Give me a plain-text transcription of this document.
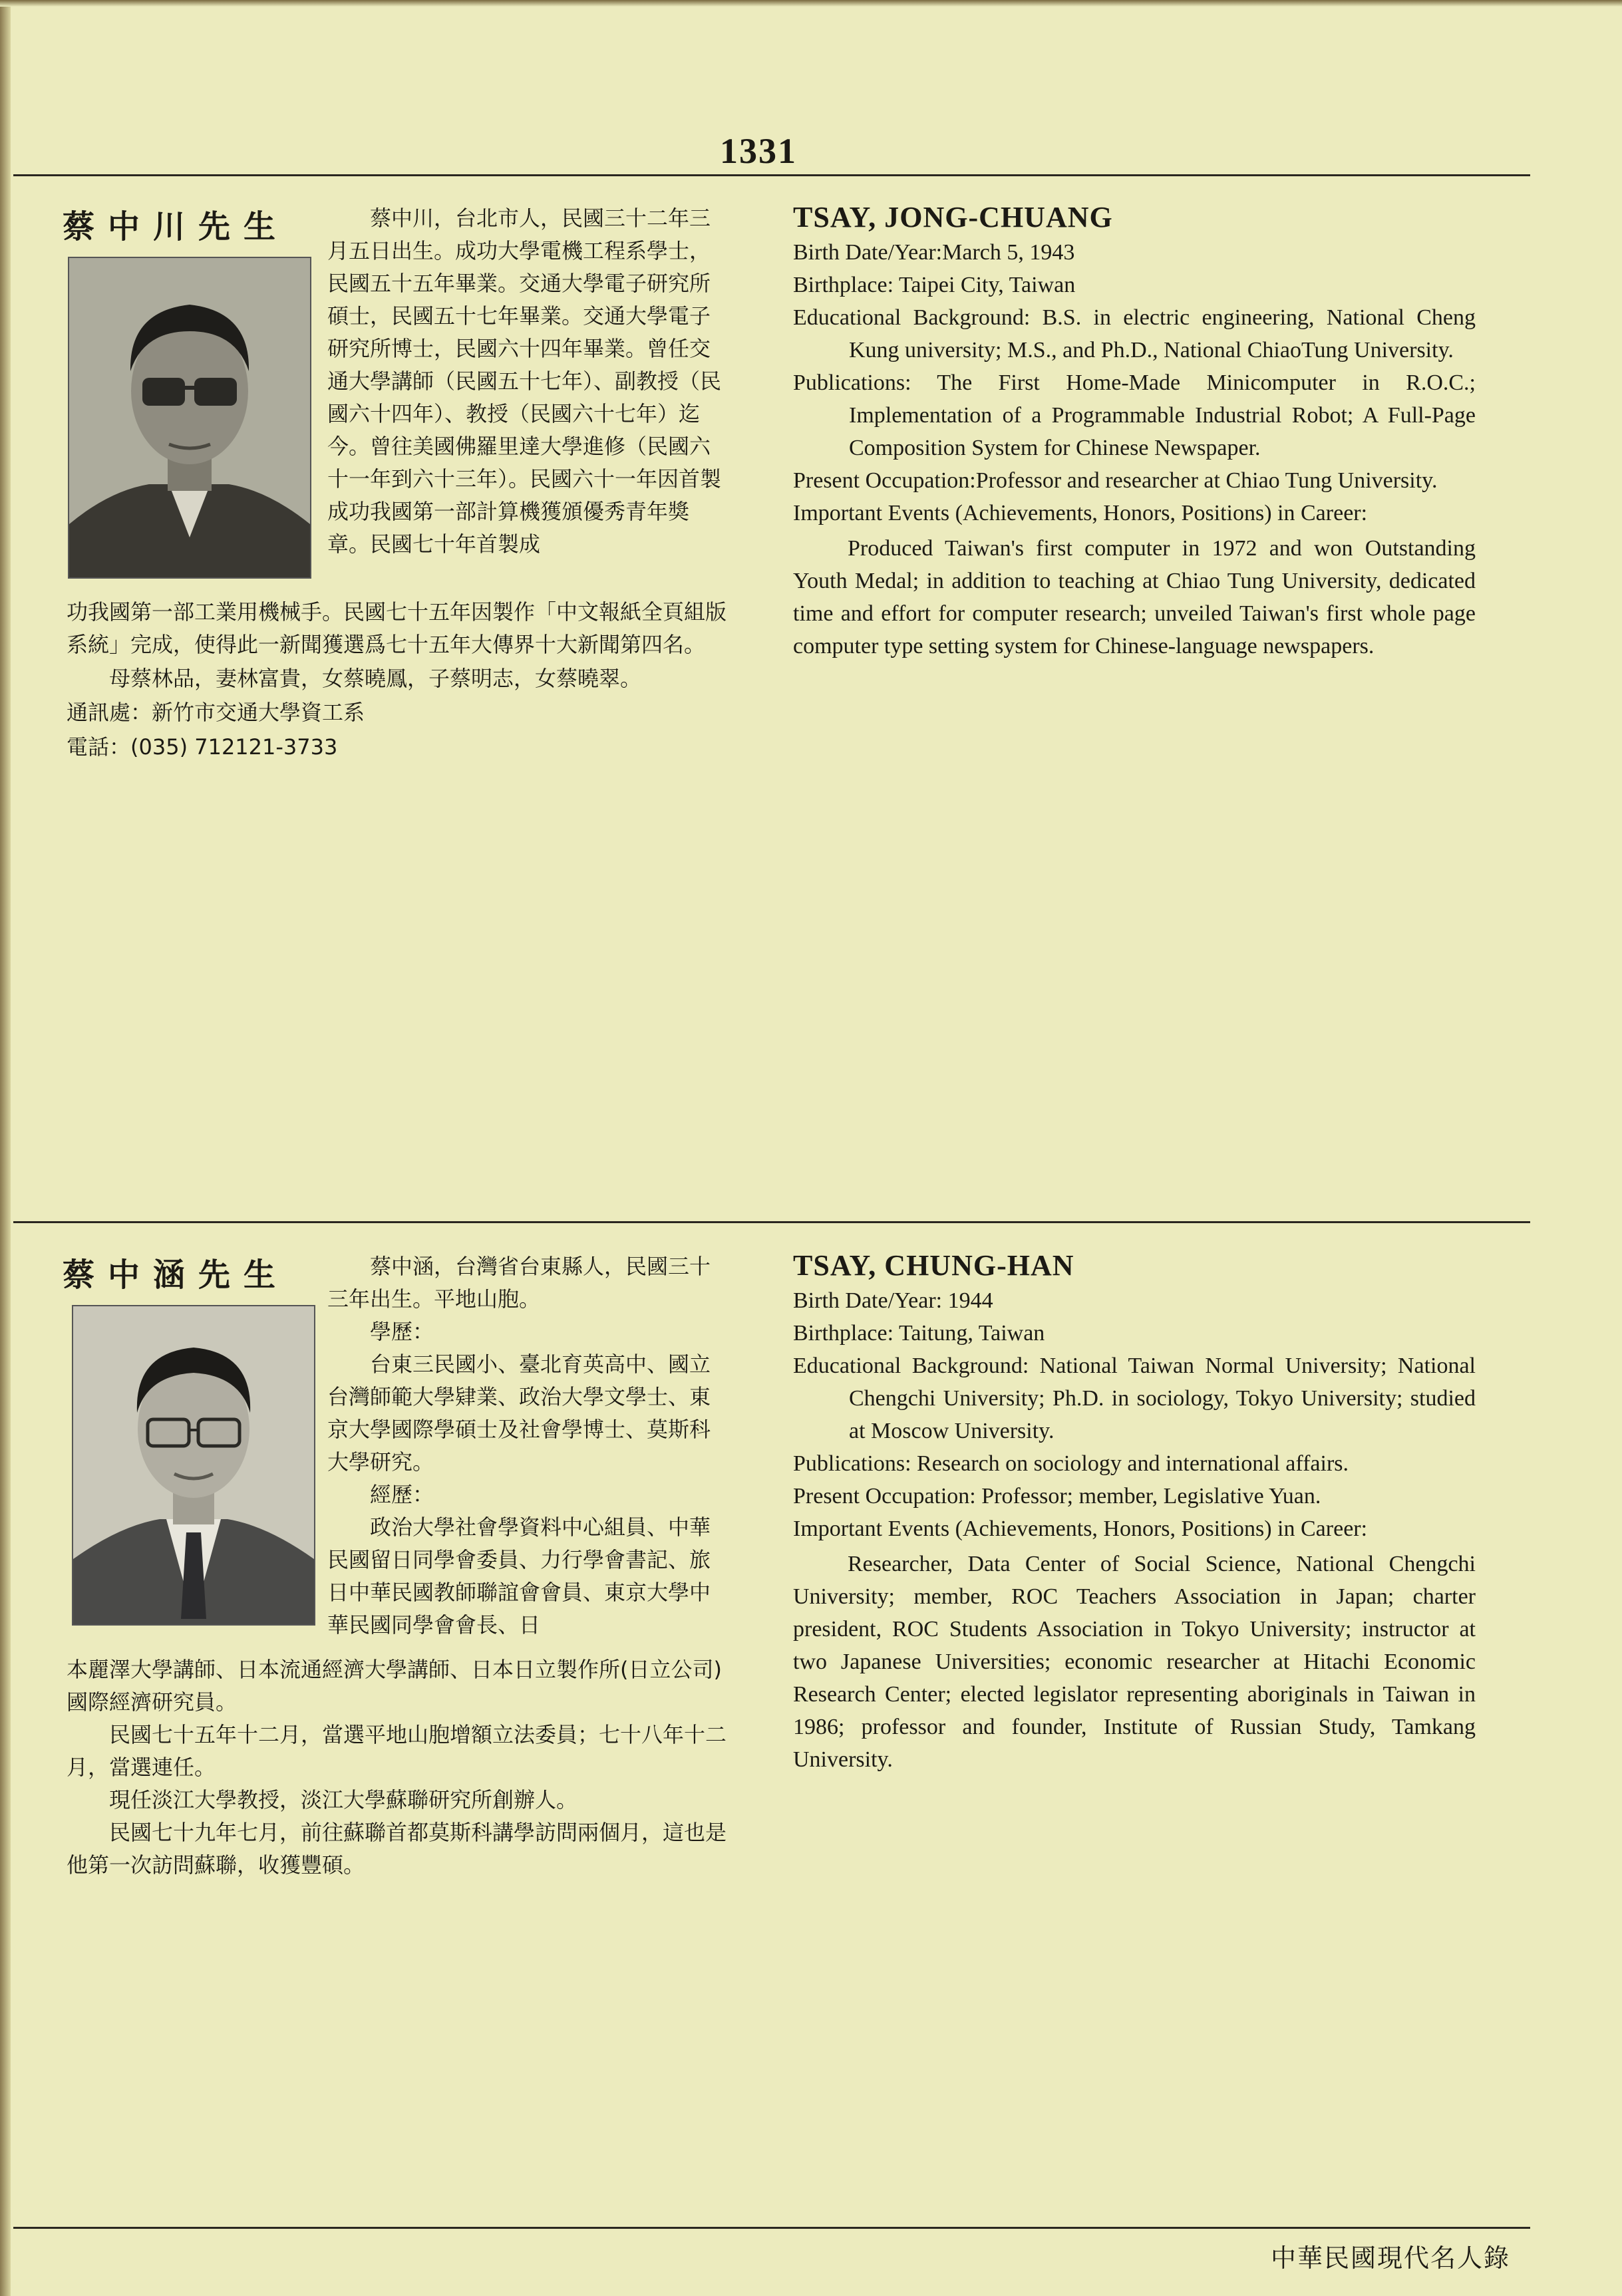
1331
蔡中川先生 　　蔡中川，台北市人，民國三十二年三月五日出生。成功大學電機工程系學士，民國五十五年畢業。交通大學電子研究所碩士，民國五十七年畢業。交通大學電子研究所博士，民國六十四年畢業。曾任交通大學講師（民國五十七年）、副教授（民國六十四年）、教授（民國六十七年）迄今。曾往美國佛羅里達大學進修（民國六十一年到六十三年）。民國六十一年因首製成功我國第一部計算機獲頒優秀青年獎章。民國七十年首製成

功我國第一部工業用機械手。民國七十五年因製作「中文報紙全頁組版系統」完成，使得此一新聞獲選爲七十五年大傳界十大新聞第四名。

母蔡林品，妻林富貴，女蔡曉鳳，子蔡明志，女蔡曉翠。

通訊處：新竹市交通大學資工系
電話：(035) 712121-3733
TSAY, JONG-CHUANG

Birth Date/Year:March 5, 1943

Birthplace: Taipei City, Taiwan

Educational Background: B.S. in electric engineering, National Cheng Kung university; M.S., and Ph.D., National ChiaoTung University.

Publications: The First Home-Made Minicomputer in R.O.C.; Implementation of a Programmable Industrial Robot; A Full-Page Composition System for Chinese Newspaper.

Present Occupation:Professor and researcher at Chiao Tung University.

Important Events (Achievements, Honors, Positions) in Career:

Produced Taiwan's first computer in 1972 and won Outstanding Youth Medal; in addition to teaching at Chiao Tung University, dedicated time and effort for computer research; unveiled Taiwan's first whole page computer type setting system for Chinese-language newspapers.

蔡中涵先生 　　蔡中涵，台灣省台東縣人，民國三十三年出生。平地山胞。

學歷：

台東三民國小、臺北育英高中、國立台灣師範大學肄業、政治大學文學士、東京大學國際學碩士及社會學博士、莫斯科大學研究。

經歷：

政治大學社會學資料中心組員、中華民國留日同學會委員、力行學會書記、旅日中華民國教師聯誼會會員、東京大學中華民國同學會會長、日

本麗澤大學講師、日本流通經濟大學講師、日本日立製作所(日立公司)國際經濟研究員。

民國七十五年十二月，當選平地山胞增額立法委員；七十八年十二月，當選連任。

現任淡江大學教授，淡江大學蘇聯研究所創辦人。

民國七十九年七月，前往蘇聯首都莫斯科講學訪問兩個月，這也是他第一次訪問蘇聯，收獲豐碩。

TSAY, CHUNG-HAN

Birth Date/Year: 1944

Birthplace: Taitung, Taiwan

Educational Background: National Taiwan Normal University; National Chengchi University; Ph.D. in sociology, Tokyo University; studied at Moscow University.

Publications: Research on sociology and international affairs.

Present Occupation: Professor; member, Legislative Yuan.

Important Events (Achievements, Honors, Positions) in Career:

Researcher, Data Center of Social Science, National Chengchi University; member, ROC Teachers Association in Japan; charter president, ROC Students Association in Tokyo University; instructor at two Japanese Universities; economic researcher at Hitachi Economic Research Center; elected legislator representing aboriginals in Taiwan in 1986; professor and founder, Institute of Russian Study, Tamkang University.

中華民國現代名人錄
